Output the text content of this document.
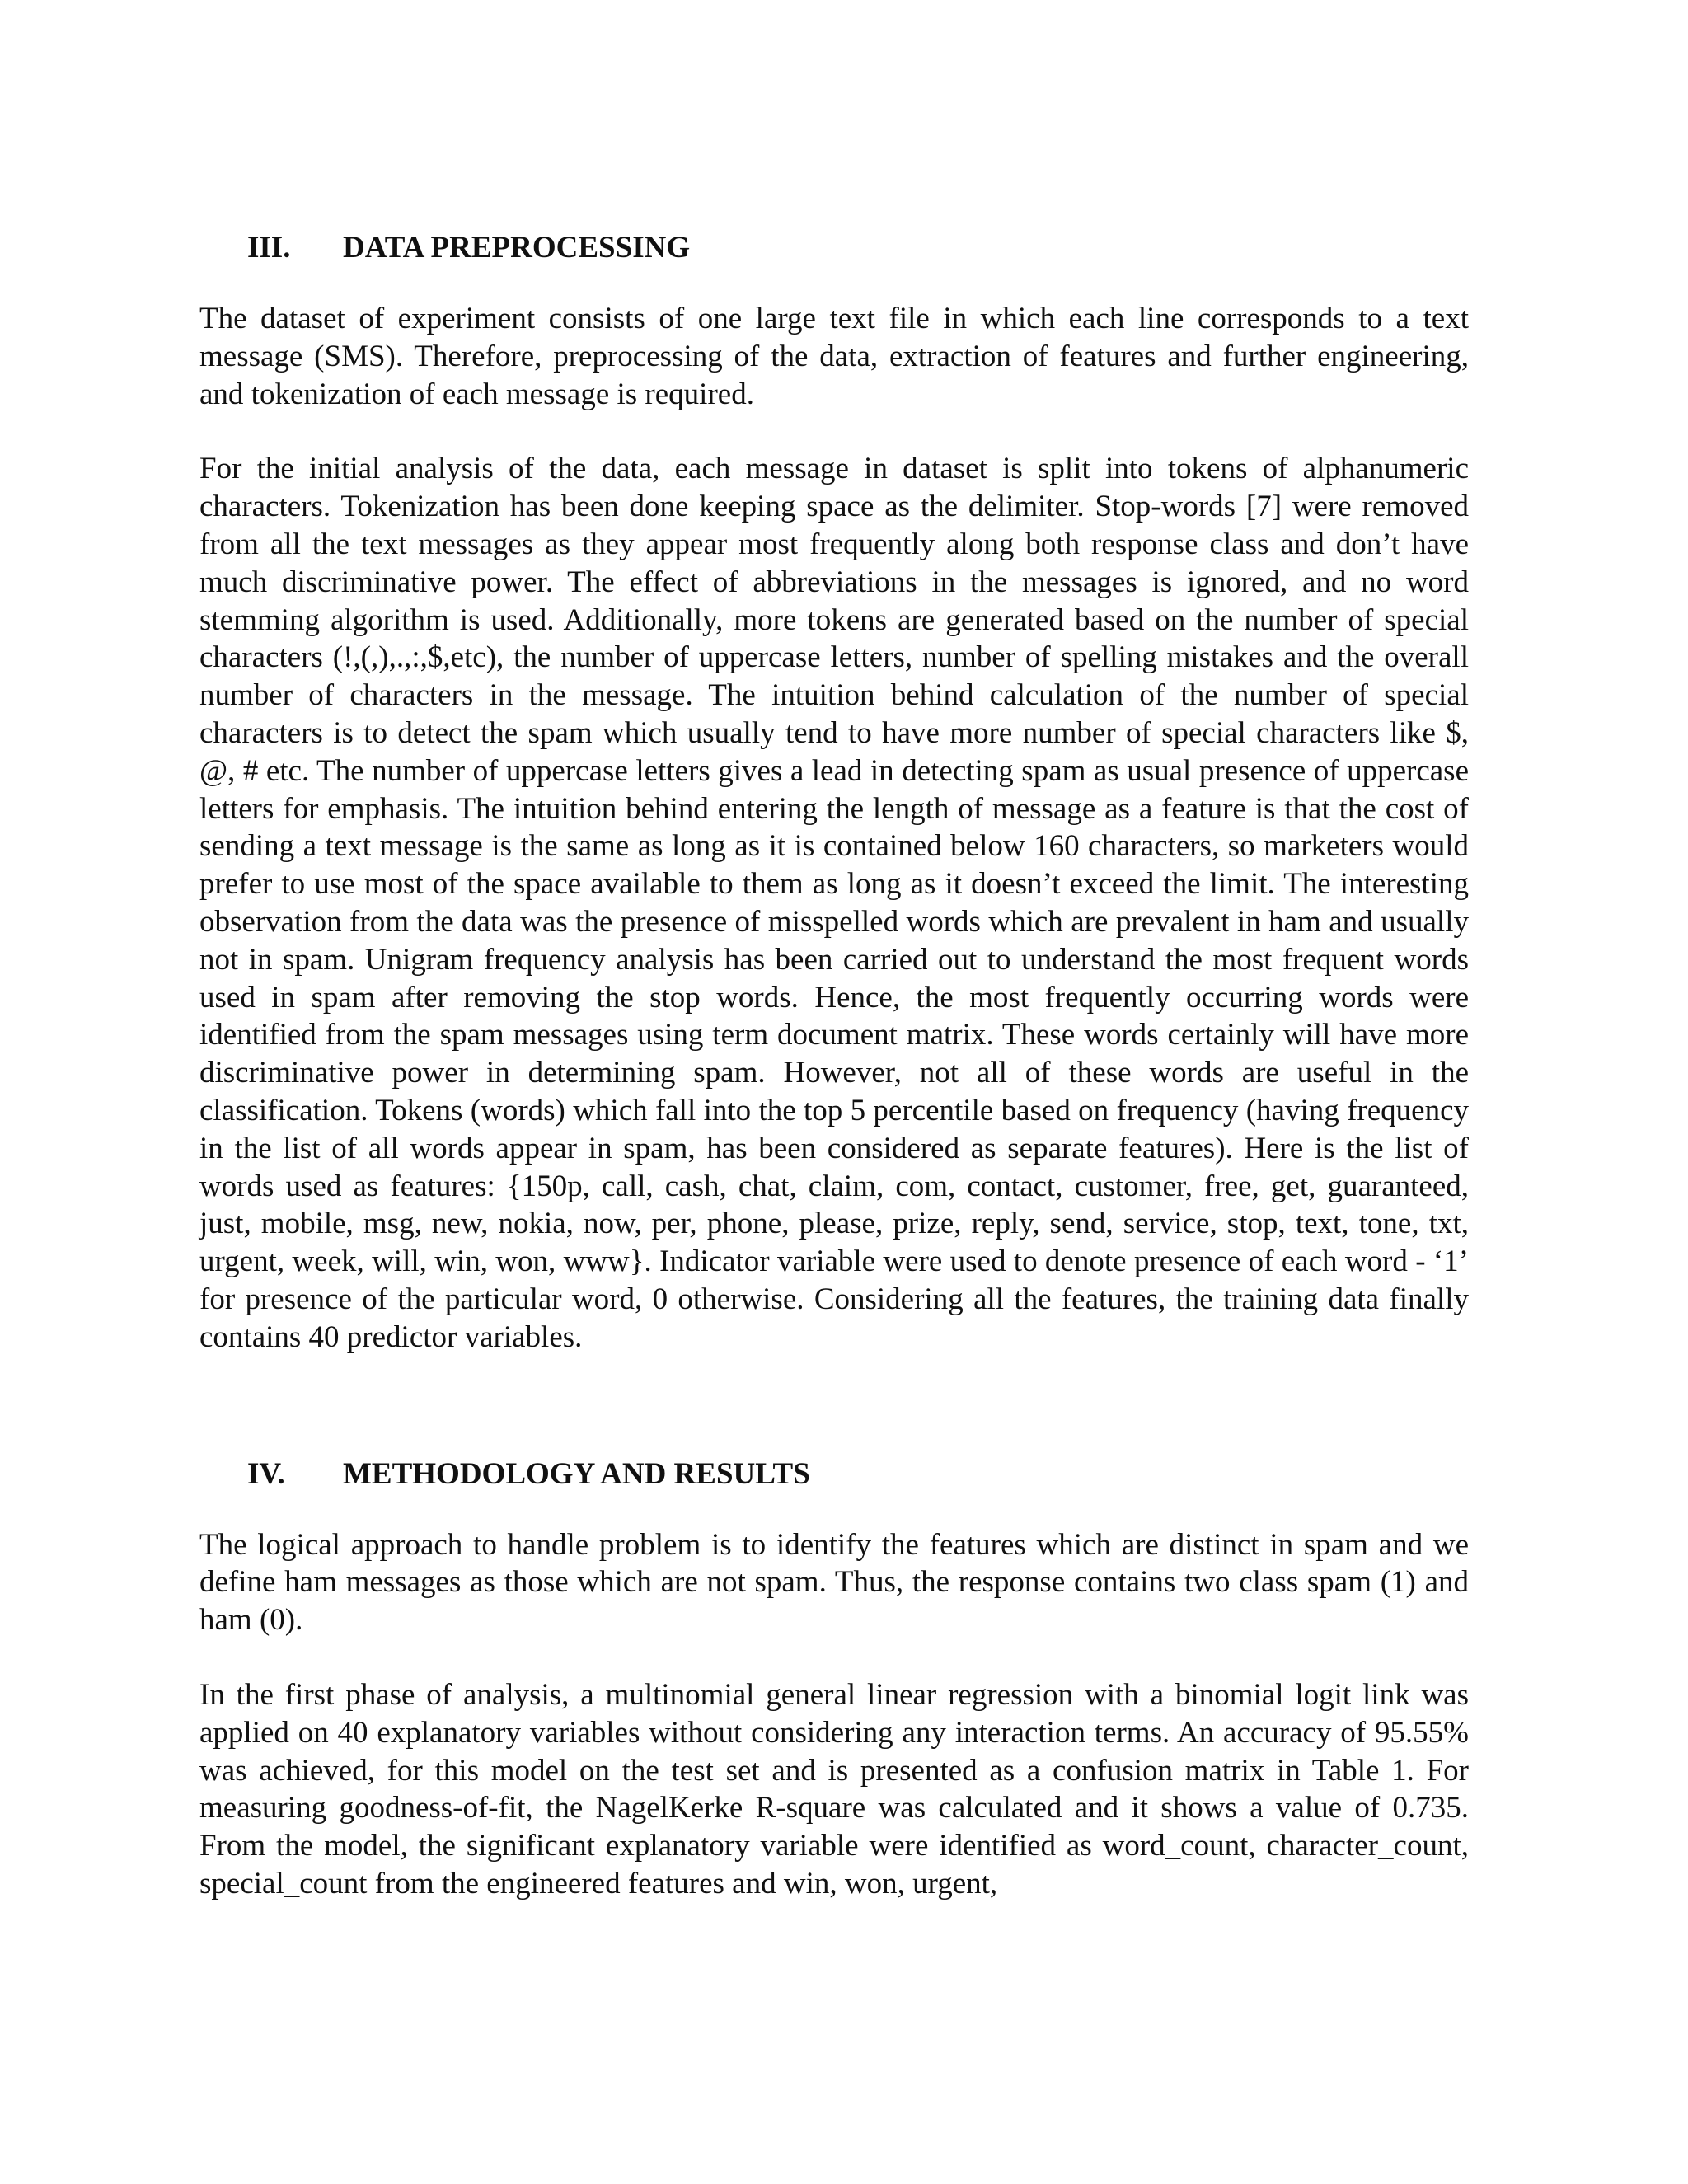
III.	DATA PREPROCESSING

The dataset of experiment consists of one large text file in which each line corresponds to a text message (SMS). Therefore, preprocessing of the data, extraction of features and further engineering, and tokenization of each message is required.

For the initial analysis of the data, each message in dataset is split into tokens of alphanumeric characters. Tokenization has been done keeping space as the delimiter. Stop-words [7] were removed from all the text messages as they appear most frequently along both response class and don’t have much discriminative power. The effect of abbreviations in the messages is ignored, and no word stemming algorithm is used. Additionally, more tokens are generated based on the number of special characters (!,(,),.,:,$,etc), the number of uppercase letters, number of spelling mistakes and the overall number of characters in the message. The intuition behind calculation of the number of special characters is to detect the spam which usually tend to have more number of special characters like $, @, # etc. The number of uppercase letters gives a lead in detecting spam as usual presence of uppercase letters for emphasis. The intuition behind entering the length of message as a feature is that the cost of sending a text message is the same as long as it is contained below 160 characters, so marketers would prefer to use most of the space available to them as long as it doesn’t exceed the limit. The interesting observation from the data was the presence of misspelled words which are prevalent in ham and usually not in spam. Unigram frequency analysis has been carried out to understand the most frequent words used in spam after removing the stop words. Hence, the most frequently occurring words were identified from the spam messages using term document matrix. These words certainly will have more discriminative power in determining spam. However, not all of these words are useful in the classification. Tokens (words) which fall into the top 5 percentile based on frequency (having frequency in the list of all words appear in spam, has been considered as separate features). Here is the list of words used as features: {150p, call, cash, chat, claim, com, contact, customer, free, get, guaranteed, just, mobile, msg, new, nokia, now, per, phone, please, prize, reply, send, service, stop, text, tone, txt, urgent, week, will, win, won, www}. Indicator variable were used to denote presence of each word - ‘1’ for presence of the particular word, 0 otherwise. Considering all the features, the training data finally contains 40 predictor variables.

IV.	METHODOLOGY AND RESULTS

The logical approach to handle problem is to identify the features which are distinct in spam and we define ham messages as those which are not spam. Thus, the response contains two class spam (1) and ham (0).

In the first phase of analysis, a multinomial general linear regression with a binomial logit link was applied on 40 explanatory variables without considering any interaction terms. An accuracy of 95.55% was achieved, for this model on the test set and is presented as a confusion matrix in Table 1. For measuring goodness-of-fit, the NagelKerke R-square was calculated and it shows a value of 0.735. From the model, the significant explanatory variable were identified as word_count, character_count, special_count from the engineered features and win, won, urgent,
